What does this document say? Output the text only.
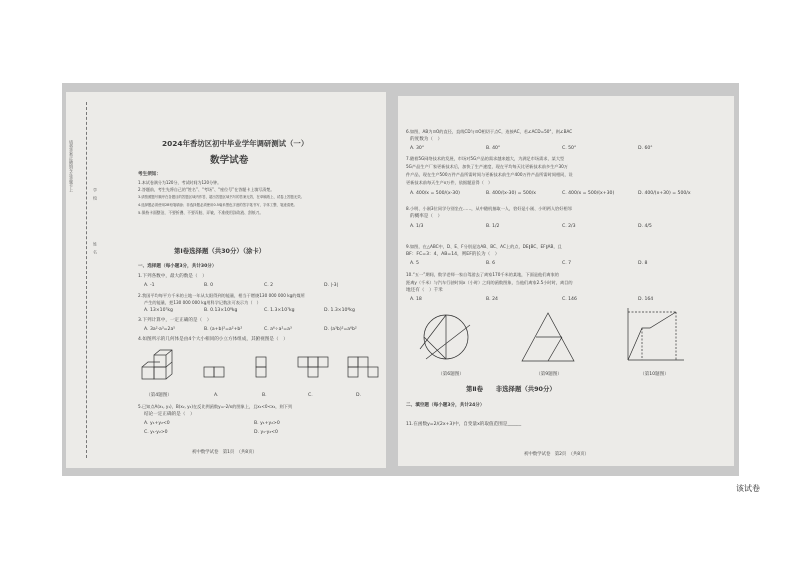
请将答案正确填写在答题卡上
学　校
姓　名
2024年香坊区初中毕业学年调研测试（一）
数学试卷
考生须知：
1.本试卷满分为120分，考试时间为120分钟。
2.答题前，考生先将自己的“姓名”、“考场”、“座位号”在答题卡上填写清楚。
3.请按照题号顺序在各题目的答题区域内作答，超出答题区域书写的答案无效，在草稿纸上、试卷上答题无效。
4.选择题必须使用2B铅笔填涂；非选择题必须使用0.5毫米黑色字迹的签字笔书写，字体工整、笔迹清楚。
5.保持卡面整洁，不要折叠、不要弄脏、弄皱，不准使用涂改液、刮纸刀。
第Ⅰ卷选择题（共30分）（涂卡）
一、选择题（每小题3分，共计30分）
1.下列各数中，最大的数是（　）
A. -1	B. 0	C. 2	D. |-3|
2.我国平均每平方千米的土地一年从太阳得到的能量，相当于燃烧130 000 000 kg的煤所
产生的能量，把130 000 000 kg用科学记数法可表示为（　）
A. 13×10⁷kg	B. 0.13×10⁸kg	C. 1.3×10⁷kg	D. 1.3×10⁸kg
3.下列计算中，一定正确的是（　）
A. 3a²·a³=2a⁵	B. (a+b)²=a²+b²	C. a⁶÷a²=a³	D. (a³b)²=a⁶b²
4.如图所示的几何体是由4个大小相同的小立方体组成，其俯视图是（　）
（第4题图）	A.	B.	C.	D.
5.已知点A(x₁, y₁)，B(x₂, y₂)在反比例函数y=-2/x的图象上，且x₁<0<x₂，则下列
结论一定正确的是（　）
A. y₁+y₂<0	B. y₁+y₂>0
C. y₁-y₂>0	D. y₁-y₂<0
初中数学试卷　第1页　（共8页）
6.如图，AB为⊙O的直径，直线CD与⊙O相切于点C，连接AC，若∠ACD=50°，则∠BAC
的度数为（　）
A. 30°	B. 40°	C. 50°	D. 60°
7.随着5G网络技术的发展，市场对5G产品的需求越来越大，为满足市场需求，某大型
5G产品生产厂家更新技术后，加快了生产速度，现在平均每天比更新技术前多生产30万
件产品，现在生产500万件产品所需时间与更新技术前生产400万件产品所需时间相同，设
更新技术前每天生产x万件，依据题意得（　）
A. 400/x = 500/(x-30)	B. 400/(x-30) = 500/x	C. 400/x = 500/(x+30)	D. 400/(x+30) = 500/x
8.小明、小刚3位同学分别坐在……，从中随机抽取一人，恰好是小刚、小明两人恰好相邻
的概率是（　）
A. 1/3	B. 1/2	C. 2/3	D. 4/5
9.如图，在△ABC中，D、E、F分别是边AB、BC、AC上的点，DE∥BC，EF∥AB，且
BF：FC=3：4，AB=14，则EF的长为（　）
A. 5	B. 6	C. 7	D. 8
10.“五一”期间，数学老师一家自驾游去了离家170千米的某地，下面是他们离家的
距离y（千米）与汽车行驶时间x（小时）之间的函数图象，当他们离家2.5小时时，离目的
地还有（　）千米
A. 18	B. 24	C. 146	D. 164
（第6题图）	（第9题图）	（第10题图）
第Ⅱ卷　　非选择题（共90分）
二、填空题（每小题3分，共计24分）
11.在函数y=2/(2x+3)中，自变量x的取值范围是______
初中数学试卷　第2页　（共8页）
该试卷
